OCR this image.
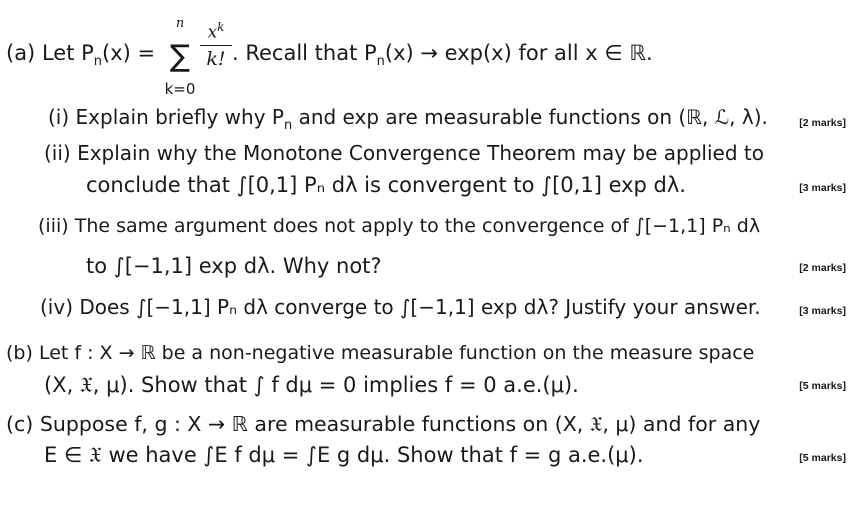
(a) Let $P_n(x)$ =
n
∑
k=0
$x^k$
k! . Recall that $P_n(x) \to \exp(x)$ for all x ∈ ℝ.
(i) Explain briefly why $P_n$ and exp are measurable functions on (ℝ, ℒ, λ).	[2 marks]
(ii) Explain why the Monotone Convergence Theorem may be applied to
conclude that ∫[0,1] Pₙ dλ is convergent to ∫[0,1] exp dλ.	[3 marks]
(iii) The same argument does not apply to the convergence of ∫[−1,1] Pₙ dλ
to ∫[−1,1] exp dλ. Why not?	[2 marks]
(iv) Does ∫[−1,1] Pₙ dλ converge to ∫[−1,1] exp dλ? Justify your answer.	[3 marks]
(b) Let f : X → ℝ be a non-negative measurable function on the measure space
(X, 𝔛, μ). Show that ∫ f dμ = 0 implies f = 0 a.e.(μ).	[5 marks]
(c) Suppose f, g : X → ℝ are measurable functions on (X, 𝔛, μ) and for any
E ∈ 𝔛 we have ∫E f dμ = ∫E g dμ. Show that f = g a.e.(μ).	[5 marks]
